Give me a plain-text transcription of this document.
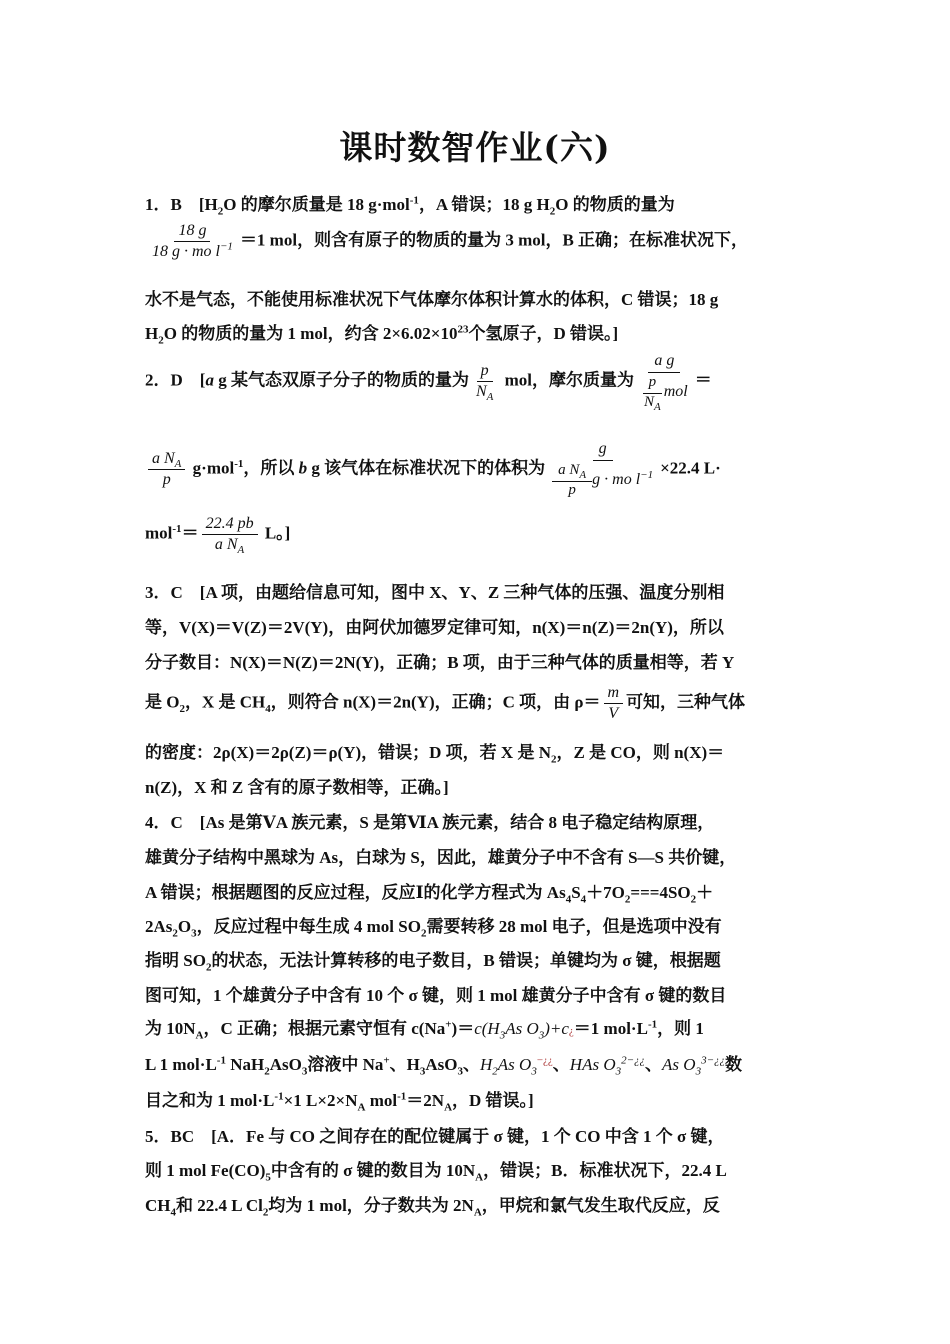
课时数智作业(六)
1．B　[$H_2O$ 的摩尔质量是 18 g·mol$^{-1}$，A 错误；18 g $H_2O$ 的物质的量为
$\frac{18 g}{18 g \cdot mo l^{-1}} =1$ mol，则含有原子的物质的量为 3 mol，B 正确；在标准状况下，
水不是气态，不能使用标准状况下气体摩尔体积计算水的体积，C 错误；18 g
$H_2O$ 的物质的量为 1 mol，约含 $2\times 6.02\times 10^{23}$个氢原子，D 错误。]
2．D　[a g 某气态双原子分子的物质的量为 $\frac{p}{N_A}$ mol，摩尔质量为 $\frac{\text{a g}}{\frac{p}{N_A} mol}$ ＝
$\frac{a N_A}{p} g\cdot mol^{-1}$，所以 b g 该气体在标准状况下的体积为 $\frac{g}{\frac{a N_A}{p} g \cdot mo l^{-1}} \times 22.4$ L·
$mol^{-1}= \frac{22.4 pb}{a N_A}$ L。]
3．C　[A 项，由题给信息可知，图中 X、Y、Z 三种气体的压强、温度分别相
等，V(X)＝V(Z)＝2V(Y)，由阿伏加德罗定律可知，n(X)＝n(Z)＝2n(Y)，所以
分子数目：N(X)＝N(Z)＝2N(Y)，正确；B 项，由于三种气体的质量相等，若 Y
是 $O_2$，X 是 $CH_4$，则符合 n(X)＝2n(Y)，正确；C 项，由 $\rho= \frac{m}{V}$ 可知，三种气体
的密度：2ρ(X)＝2ρ(Z)＝ρ(Y)，错误；D 项，若 X 是 $N_2$，Z 是 CO，则 n(X)＝
n(Z)，X 和 Z 含有的原子数相等，正确。]
4．C　[As 是第ⅤA 族元素，S 是第ⅥA 族元素，结合 8 电子稳定结构原理，
雄黄分子结构中黑球为 As，白球为 S，因此，雄黄分子中不含有 S—S 共价键，
A 错误；根据题图的反应过程，反应Ⅰ的化学方程式为 $As_4S_4+7O_2===4SO_2+$
$2As_2O_3$，反应过程中每生成 4 mol $SO_2$需要转移 28 mol 电子，但是选项中没有
指明 $SO_2$的状态，无法计算转移的电子数目，B 错误；单键均为 σ 键，根据题
图可知，1 个雄黄分子中含有 10 个 σ 键，则 1 mol 雄黄分子中含有 σ 键的数目
为 $10N_A$，C 正确；根据元素守恒有 $c(Na^+)=c(H_3As$ $O_3)+c¿=1$ $mol\cdot L^{-1}$，则 1
L 1 $mol\cdot L^{-1}$ NaH$_2$AsO$_3$溶液中 Na+、$H_3AsO_3$、$H_2As$ $O_3^{-¿¿}$、HAs $O_3^{2-¿¿}$、As $O_3^{3-¿¿}$数
目之和为 1 $mol\cdot L^{-1}\times 1$ $L\times 2\times N_A$ $mol^{-1}=2N_A$，D 错误。]
5．BC　[A．Fe 与 CO 之间存在的配位键属于 σ 键，1 个 CO 中含 1 个 σ 键，
则 1 mol $Fe(CO)_5$中含有的 σ 键的数目为 $10N_A$，错误；B．标准状况下，22.4 L
$CH_4$和 22.4 L $Cl_2$均为 1 mol，分子数共为 $2N_A$，甲烷和氯气发生取代反应，反
